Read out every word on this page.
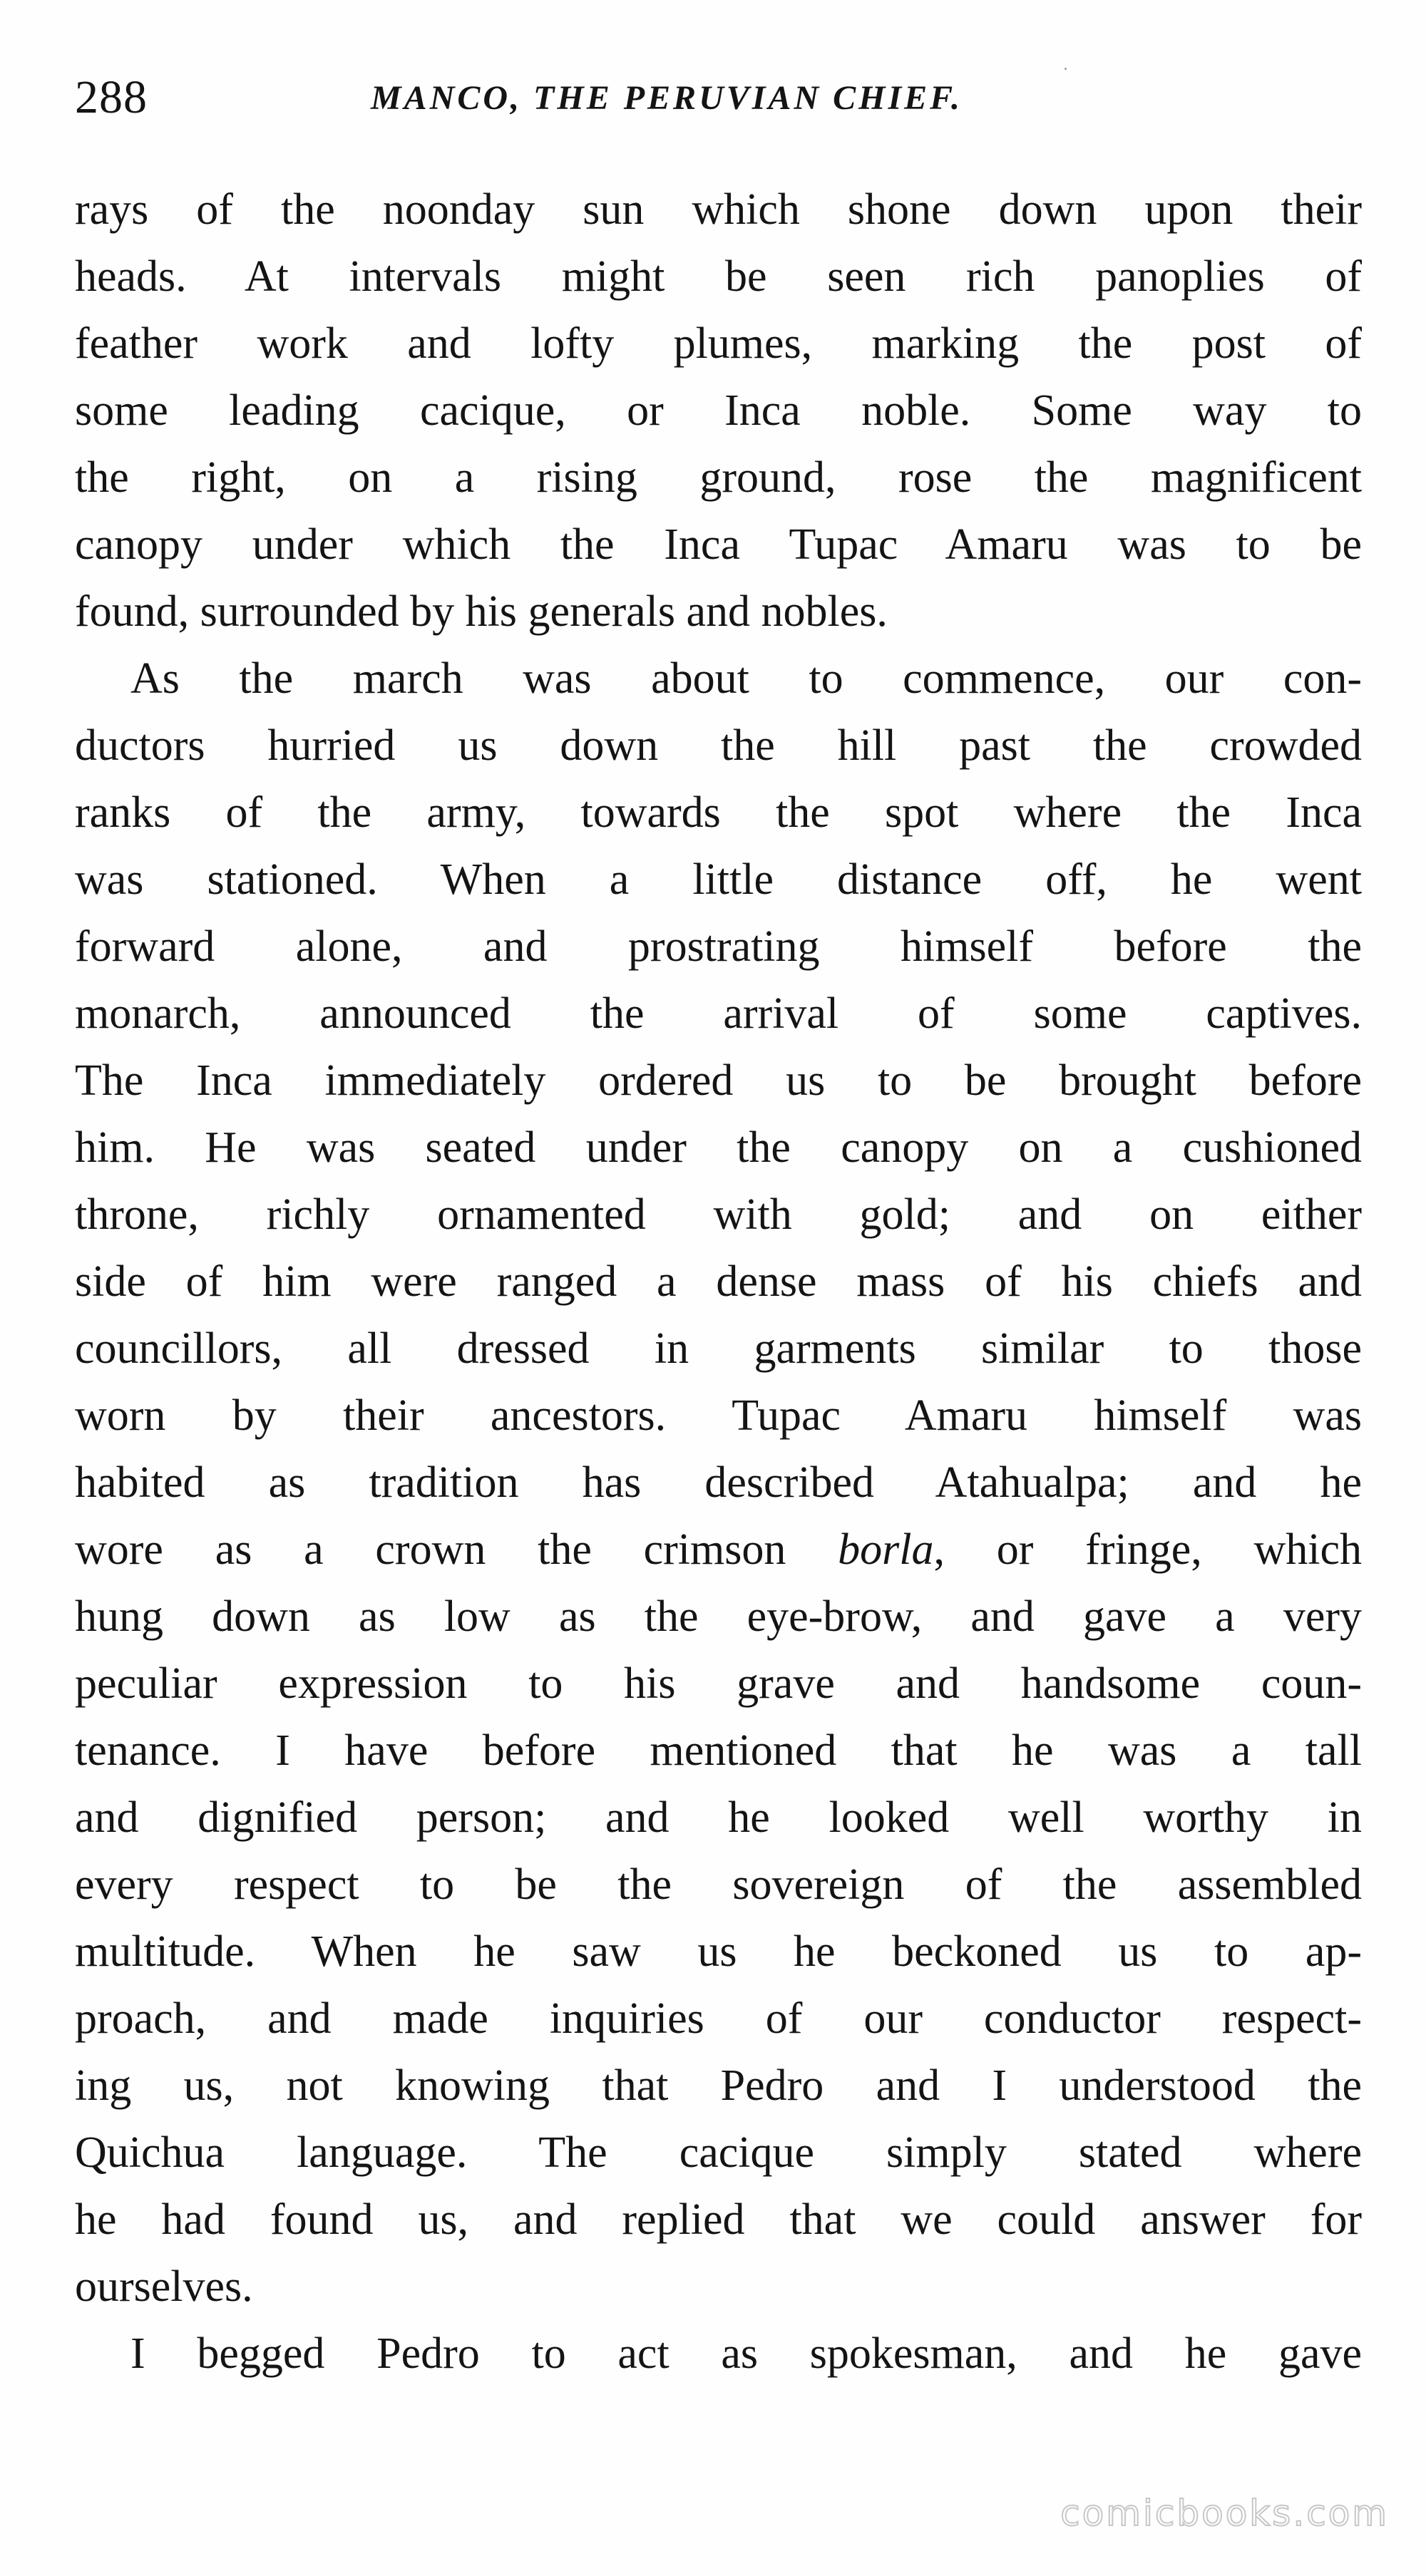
288	MANCO, THE PERUVIAN CHIEF.
rays of the noonday sun which shone down upon their
heads. At intervals might be seen rich panoplies of
feather work and lofty plumes, marking the post of
some leading cacique, or Inca noble. Some way to
the right, on a rising ground, rose the magnificent
canopy under which the Inca Tupac Amaru was to be
found, surrounded by his generals and nobles.
As the march was about to commence, our con-
ductors hurried us down the hill past the crowded
ranks of the army, towards the spot where the Inca
was stationed. When a little distance off, he went
forward alone, and prostrating himself before the
monarch, announced the arrival of some captives.
The Inca immediately ordered us to be brought before
him. He was seated under the canopy on a cushioned
throne, richly ornamented with gold; and on either
side of him were ranged a dense mass of his chiefs and
councillors, all dressed in garments similar to those
worn by their ancestors. Tupac Amaru himself was
habited as tradition has described Atahualpa; and he
wore as a crown the crimson borla, or fringe, which
hung down as low as the eye-brow, and gave a very
peculiar expression to his grave and handsome coun-
tenance. I have before mentioned that he was a tall
and dignified person; and he looked well worthy in
every respect to be the sovereign of the assembled
multitude. When he saw us he beckoned us to ap-
proach, and made inquiries of our conductor respect-
ing us, not knowing that Pedro and I understood the
Quichua language. The cacique simply stated where
he had found us, and replied that we could answer for
ourselves.
I begged Pedro to act as spokesman, and he gave
comicbooks.com
